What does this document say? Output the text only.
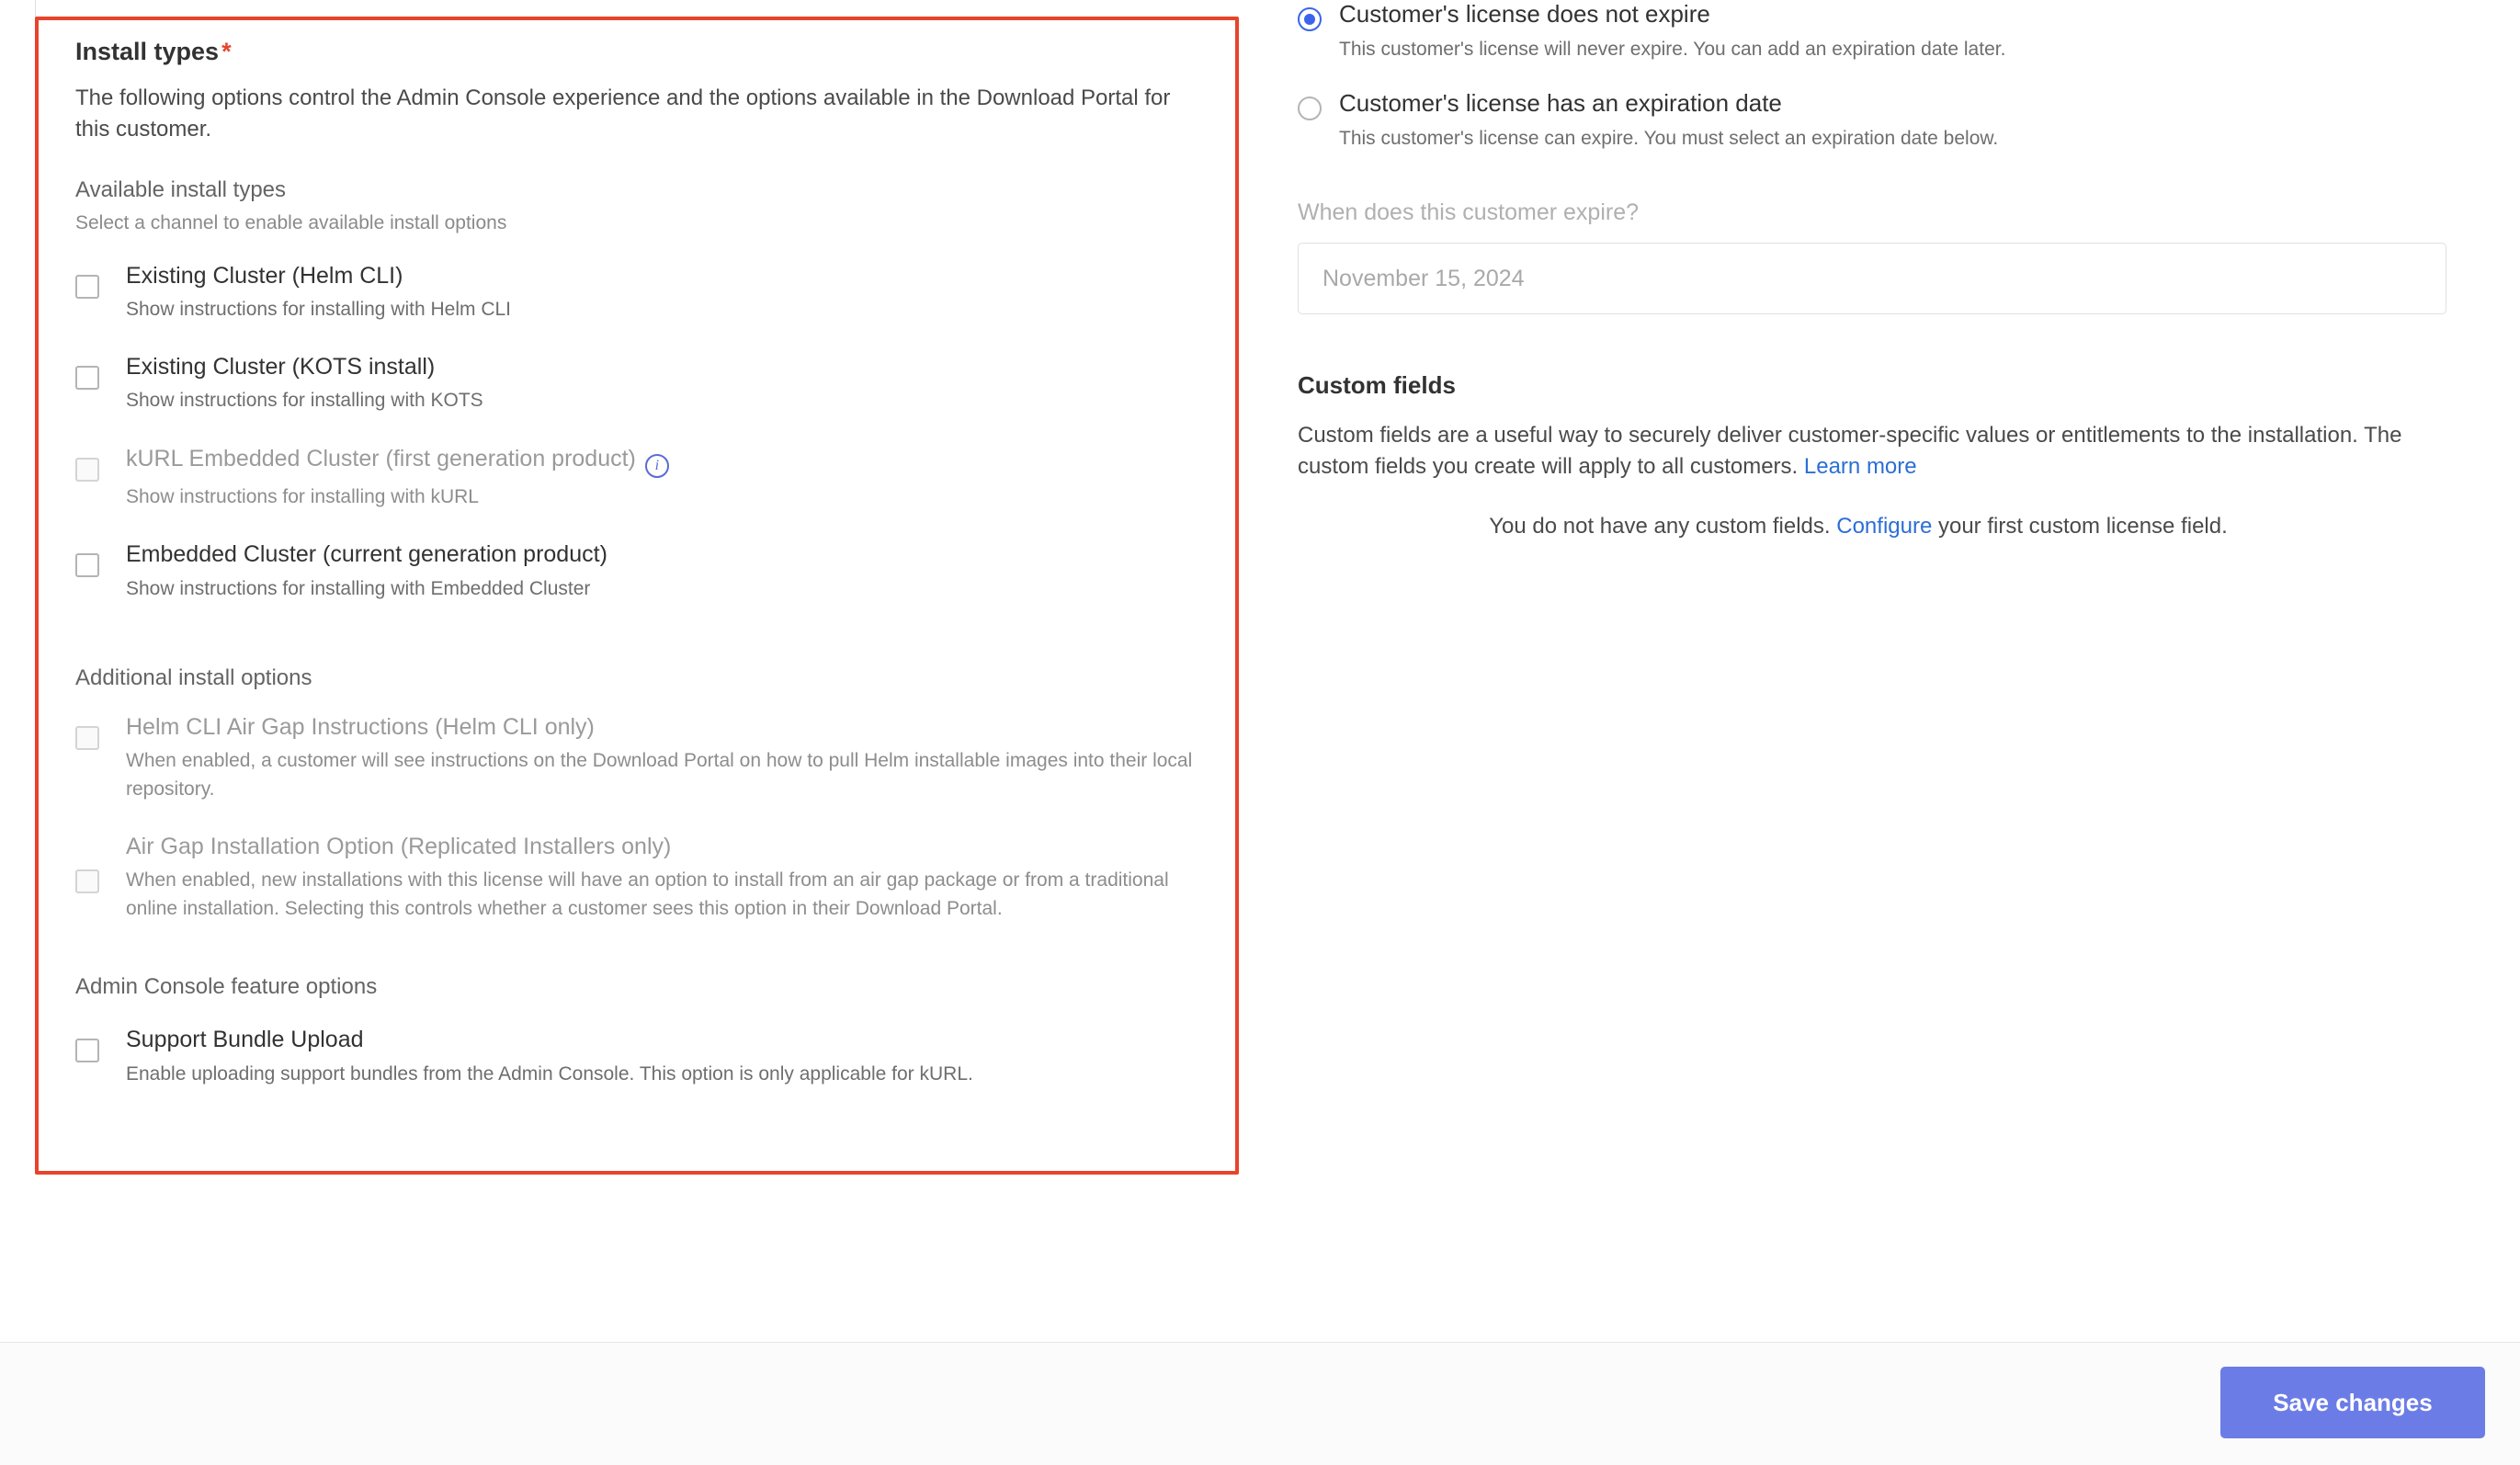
Install types *

The following options control the Admin Console experience and the options available in the Download Portal for this customer.

Available install types
Select a channel to enable available install options
Existing Cluster (Helm CLI)
Show instructions for installing with Helm CLI
Existing Cluster (KOTS install)
Show instructions for installing with KOTS
kURL Embedded Cluster (first generation product) i
Show instructions for installing with kURL
Embedded Cluster (current generation product)
Show instructions for installing with Embedded Cluster
Additional install options
Helm CLI Air Gap Instructions (Helm CLI only)
When enabled, a customer will see instructions on the Download Portal on how to pull Helm installable images into their local repository.
Air Gap Installation Option (Replicated Installers only)
When enabled, new installations with this license will have an option to install from an air gap package or from a traditional online installation. Selecting this controls whether a customer sees this option in their Download Portal.
Admin Console feature options
Support Bundle Upload
Enable uploading support bundles from the Admin Console. This option is only applicable for kURL.
Customer's license does not expire
This customer's license will never expire. You can add an expiration date later.
Customer's license has an expiration date
This customer's license can expire. You must select an expiration date below.
When does this customer expire?
November 15, 2024
Custom fields

Custom fields are a useful way to securely deliver customer-specific values or entitlements to the installation. The custom fields you create will apply to all customers. Learn more

You do not have any custom fields. Configure your first custom license field.
Save changes
